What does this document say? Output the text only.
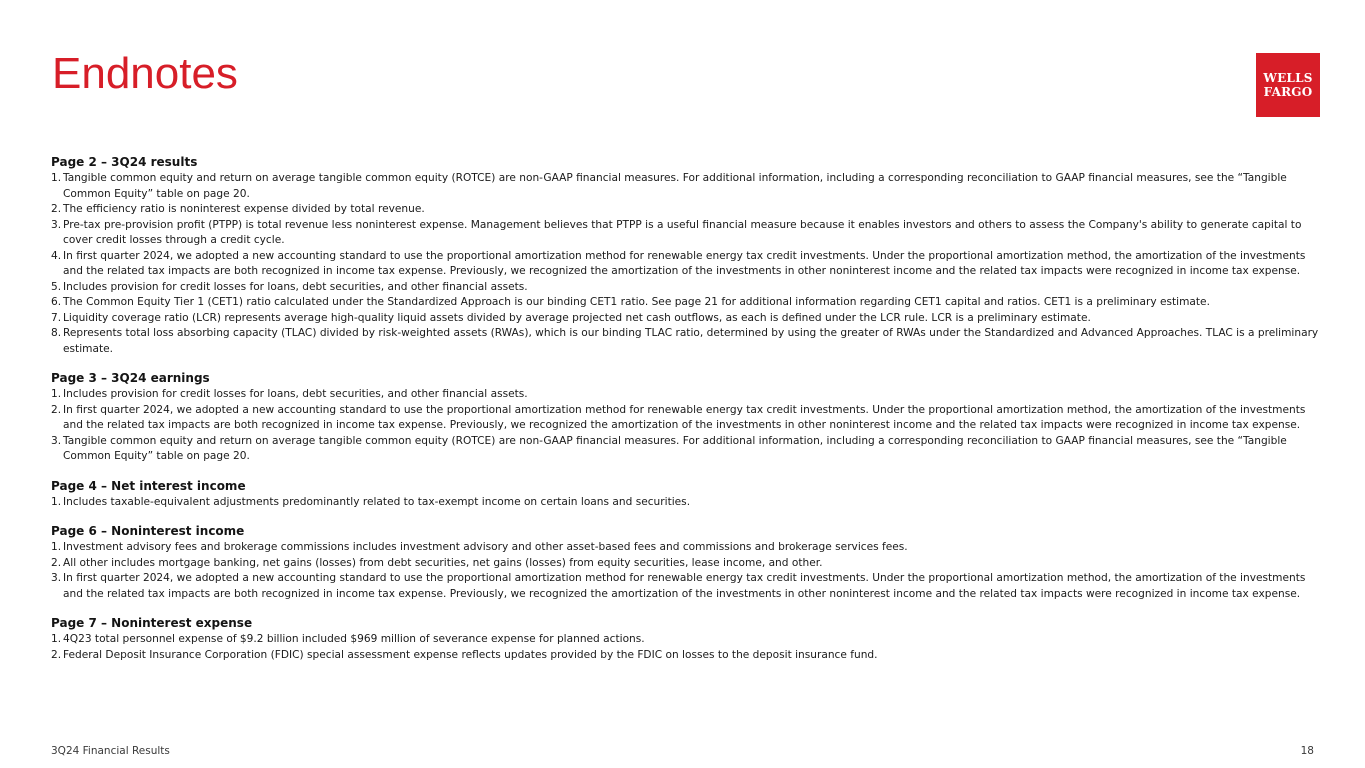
Endnotes	WELLS
FARGO

Page 2 – 3Q24 results

1. Tangible common equity and return on average tangible common equity (ROTCE) are non-GAAP financial measures. For additional information, including a corresponding reconciliation to GAAP financial measures, see the “Tangible Common Equity” table on page 20.
2. The efficiency ratio is noninterest expense divided by total revenue.
3. Pre-tax pre-provision profit (PTPP) is total revenue less noninterest expense. Management believes that PTPP is a useful financial measure because it enables investors and others to assess the Company's ability to generate capital to cover credit losses through a credit cycle.
4. In first quarter 2024, we adopted a new accounting standard to use the proportional amortization method for renewable energy tax credit investments. Under the proportional amortization method, the amortization of the investments and the related tax impacts are both recognized in income tax expense. Previously, we recognized the amortization of the investments in other noninterest income and the related tax impacts were recognized in income tax expense.
5. Includes provision for credit losses for loans, debt securities, and other financial assets.
6. The Common Equity Tier 1 (CET1) ratio calculated under the Standardized Approach is our binding CET1 ratio. See page 21 for additional information regarding CET1 capital and ratios. CET1 is a preliminary estimate.
7. Liquidity coverage ratio (LCR) represents average high-quality liquid assets divided by average projected net cash outflows, as each is defined under the LCR rule. LCR is a preliminary estimate.
8. Represents total loss absorbing capacity (TLAC) divided by risk-weighted assets (RWAs), which is our binding TLAC ratio, determined by using the greater of RWAs under the Standardized and Advanced Approaches. TLAC is a preliminary estimate.

Page 3 – 3Q24 earnings

1. Includes provision for credit losses for loans, debt securities, and other financial assets.
2. In first quarter 2024, we adopted a new accounting standard to use the proportional amortization method for renewable energy tax credit investments. Under the proportional amortization method, the amortization of the investments and the related tax impacts are both recognized in income tax expense. Previously, we recognized the amortization of the investments in other noninterest income and the related tax impacts were recognized in income tax expense.
3. Tangible common equity and return on average tangible common equity (ROTCE) are non-GAAP financial measures. For additional information, including a corresponding reconciliation to GAAP financial measures, see the “Tangible Common Equity” table on page 20.

Page 4 – Net interest income

1. Includes taxable-equivalent adjustments predominantly related to tax-exempt income on certain loans and securities.

Page 6 – Noninterest income

1. Investment advisory fees and brokerage commissions includes investment advisory and other asset-based fees and commissions and brokerage services fees.
2. All other includes mortgage banking, net gains (losses) from debt securities, net gains (losses) from equity securities, lease income, and other.
3. In first quarter 2024, we adopted a new accounting standard to use the proportional amortization method for renewable energy tax credit investments. Under the proportional amortization method, the amortization of the investments and the related tax impacts are both recognized in income tax expense. Previously, we recognized the amortization of the investments in other noninterest income and the related tax impacts were recognized in income tax expense.

Page 7 – Noninterest expense

1. 4Q23 total personnel expense of $9.2 billion included $969 million of severance expense for planned actions.
2. Federal Deposit Insurance Corporation (FDIC) special assessment expense reflects updates provided by the FDIC on losses to the deposit insurance fund.
3Q24 Financial Results	18
